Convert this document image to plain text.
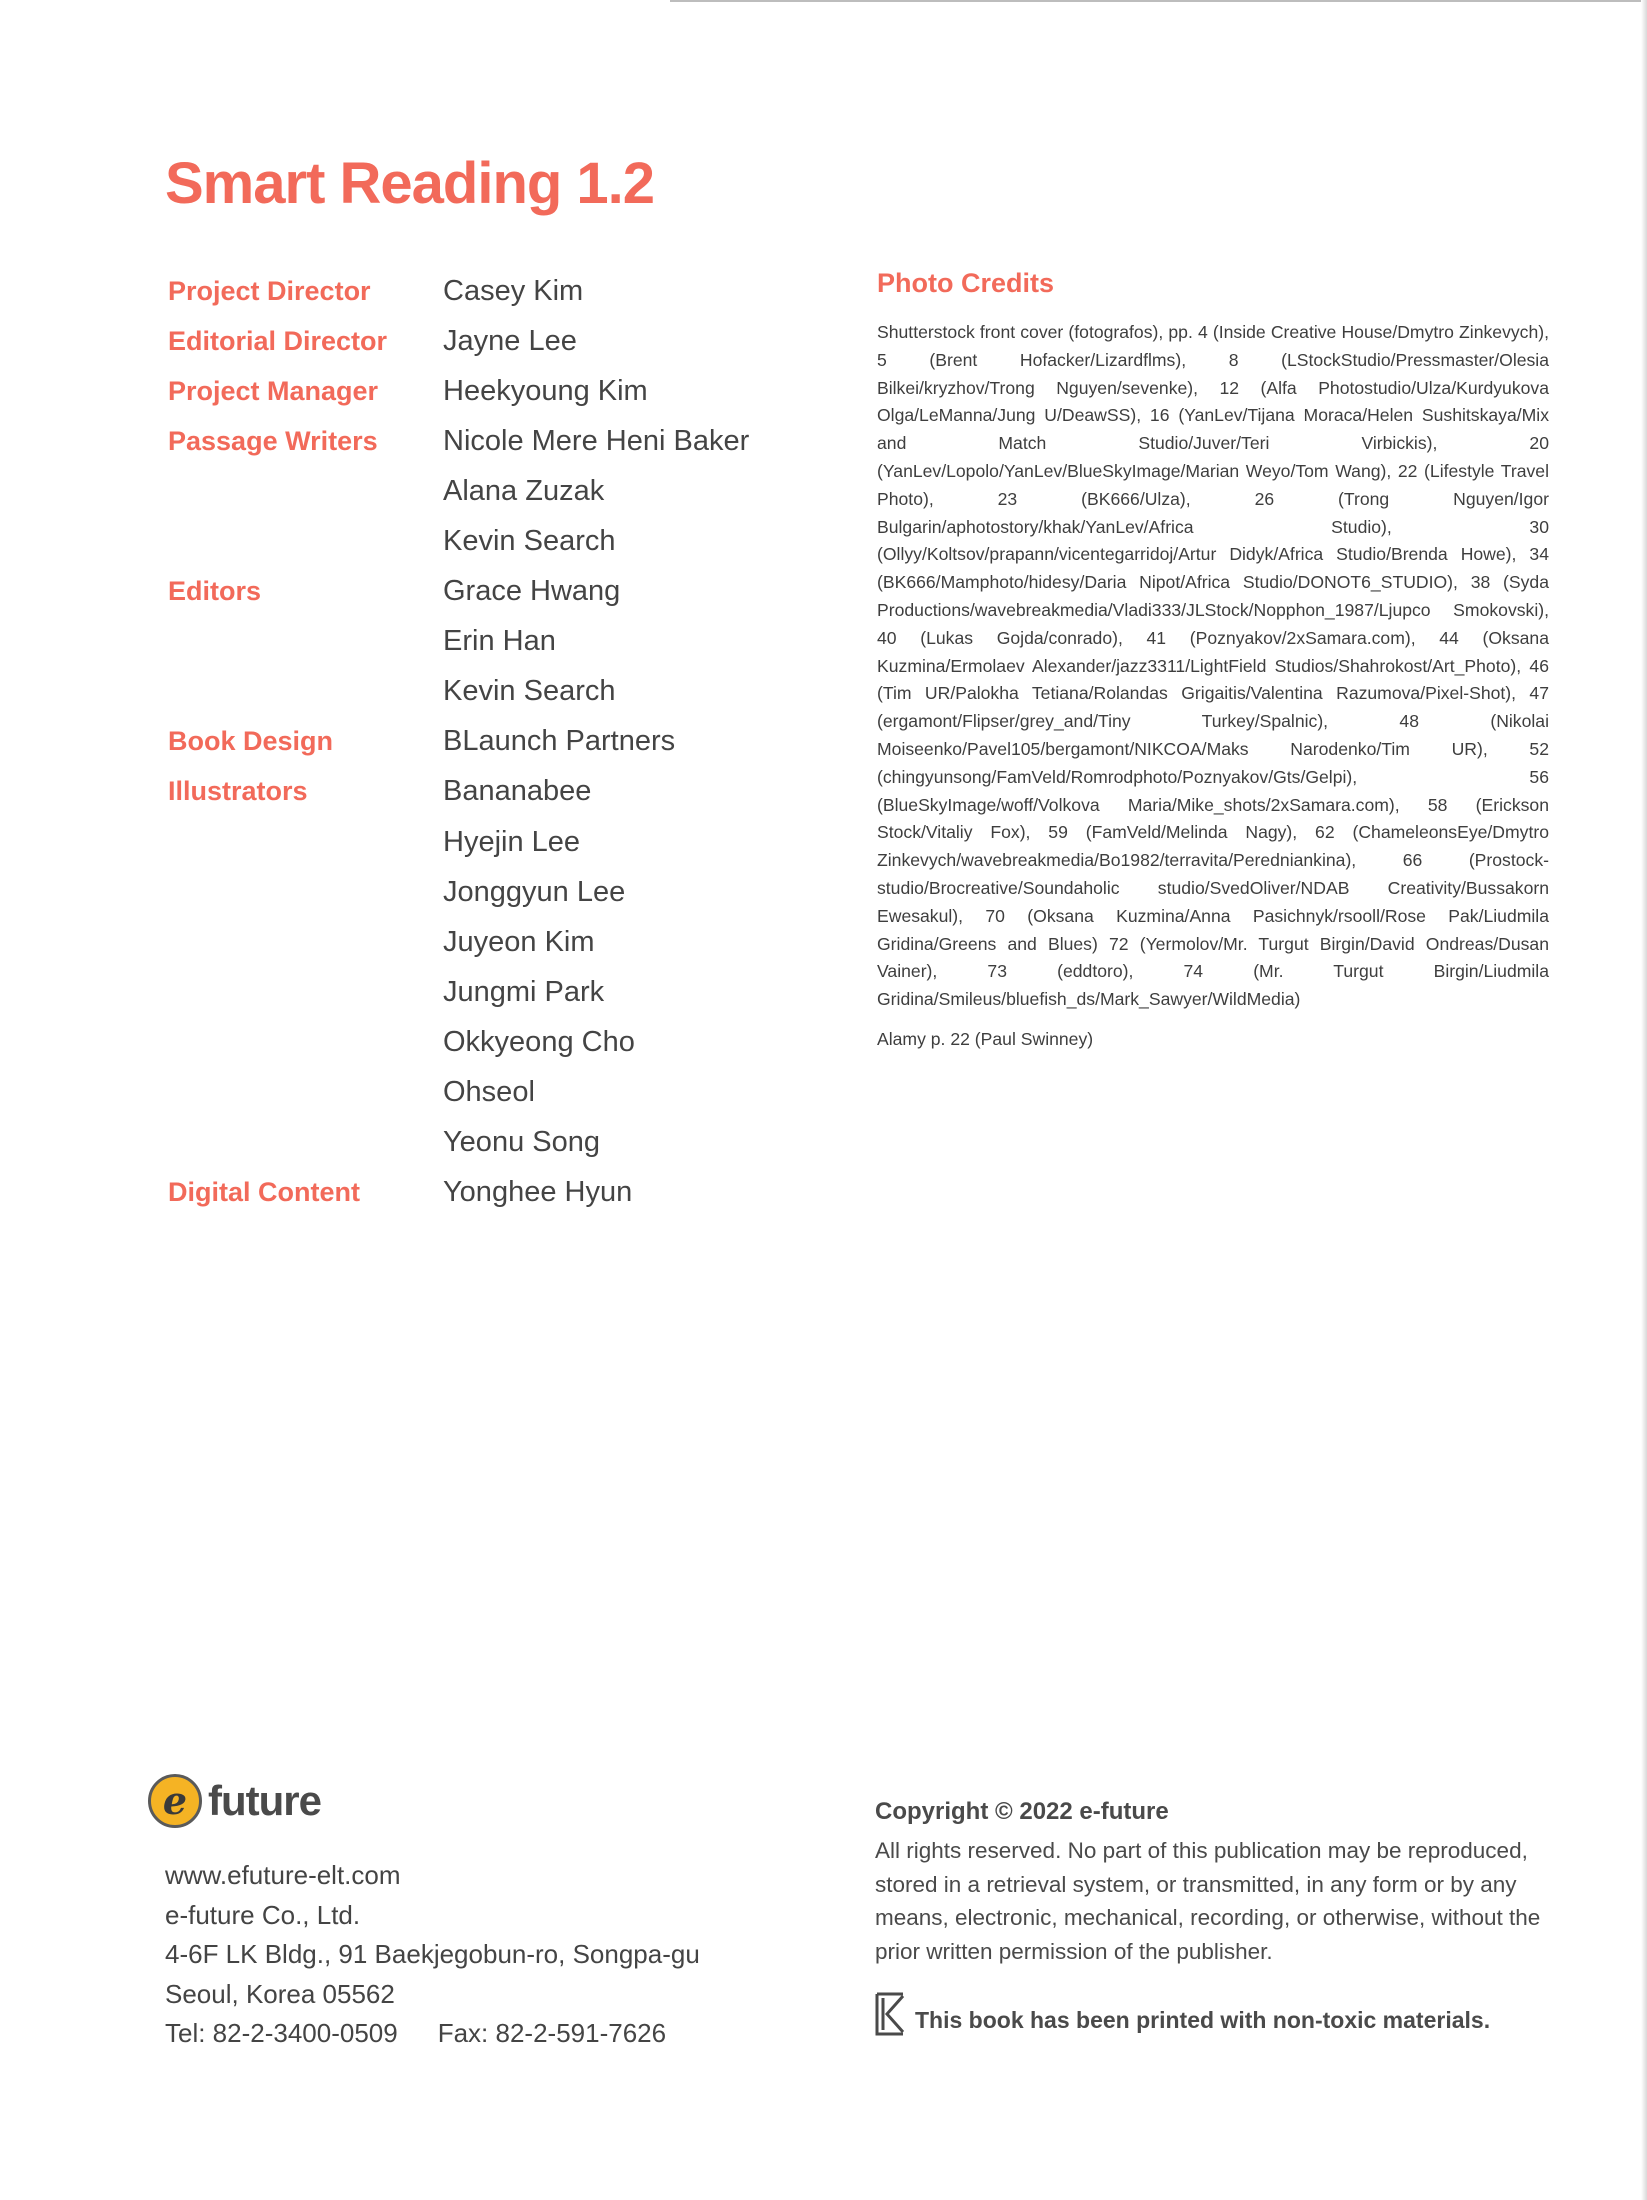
Smart Reading 1.2
Project Director	Casey Kim
Editorial Director	Jayne Lee
Project Manager	Heekyoung Kim
Passage Writers	Nicole Mere Heni Baker
Alana Zuzak
Kevin Search
Editors	Grace Hwang
Erin Han
Kevin Search
Book Design	BLaunch Partners
Illustrators	Bananabee
Hyejin Lee
Jonggyun Lee
Juyeon Kim
Jungmi Park
Okkyeong Cho
Ohseol
Yeonu Song
Digital Content	Yonghee Hyun
Photo Credits

Shutterstock front cover (fotografos), pp. 4 (Inside Creative House/Dmytro Zinkevych), 5 (Brent Hofacker/Lizardflms), 8 (LStockStudio/Pressmaster/Olesia Bilkei/kryzhov/Trong Nguyen/sevenke), 12 (Alfa Photostudio/Ulza/Kurdyukova Olga/LeManna/Jung U/DeawSS), 16 (YanLev/Tijana Moraca/Helen Sushitskaya/Mix and Match Studio/Juver/Teri Virbickis), 20 (YanLev/Lopolo/YanLev/BlueSkyImage/Marian Weyo/Tom Wang), 22 (Lifestyle Travel Photo), 23 (BK666/Ulza), 26 (Trong Nguyen/Igor Bulgarin/aphotostory/khak/YanLev/Africa Studio), 30 (Ollyy/Koltsov/prapann/vicentegarridoj/Artur Didyk/Africa Studio/Brenda Howe), 34 (BK666/Mamphoto/hidesy/Daria Nipot/Africa Studio/DONOT6_STUDIO), 38 (Syda Productions/wavebreakmedia/Vladi333/JLStock/Nopphon_1987/Ljupco Smokovski), 40 (Lukas Gojda/conrado), 41 (Poznyakov/2xSamara.com), 44 (Oksana Kuzmina/Ermolaev Alexander/jazz3311/LightField Studios/Shahrokost/Art_Photo), 46 (Tim UR/Palokha Tetiana/Rolandas Grigaitis/Valentina Razumova/Pixel-Shot), 47 (ergamont/Flipser/grey_and/Tiny Turkey/Spalnic), 48 (Nikolai Moiseenko/Pavel105/bergamont/NIKCOA/Maks Narodenko/Tim UR), 52 (chingyunsong/FamVeld/Romrodphoto/Poznyakov/Gts/Gelpi), 56 (BlueSkyImage/woff/Volkova Maria/Mike_shots/2xSamara.com), 58 (Erickson Stock/Vitaliy Fox), 59 (FamVeld/Melinda Nagy), 62 (ChameleonsEye/Dmytro Zinkevych/wavebreakmedia/Bo1982/terravita/Peredniankina), 66 (Prostock-studio/Brocreative/Soundaholic studio/SvedOliver/NDAB Creativity/Bussakorn Ewesakul), 70 (Oksana Kuzmina/Anna Pasichnyk/rsooll/Rose Pak/Liudmila Gridina/Greens and Blues) 72 (Yermolov/Mr. Turgut Birgin/David Ondreas/Dusan Vainer), 73 (eddtoro), 74 (Mr. Turgut Birgin/Liudmila Gridina/Smileus/bluefish_ds/Mark_Sawyer/WildMedia)

Alamy p. 22 (Paul Swinney)

e future
www.efuture-elt.com
e-future Co., Ltd.
4-6F LK Bldg., 91 Baekjegobun-ro, Songpa-gu
Seoul, Korea 05562
Tel: 82-2-3400-0509 Fax: 82-2-591-7626
Copyright © 2022 e-future

All rights reserved. No part of this publication may be reproduced, stored in a retrieval system, or transmitted, in any form or by any means, electronic, mechanical, recording, or otherwise, without the prior written permission of the publisher.

This book has been printed with non-toxic materials.
